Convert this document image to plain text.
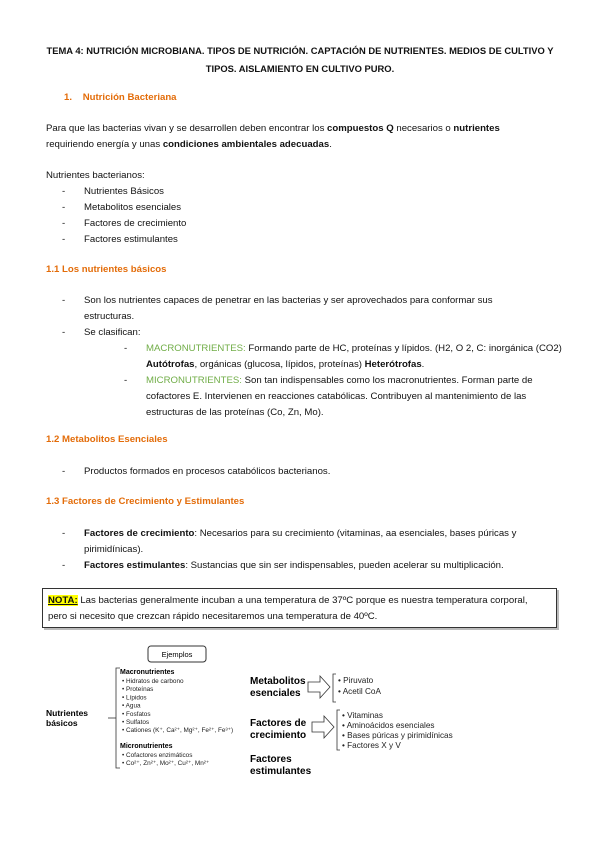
TEMA 4: NUTRICIÓN MICROBIANA. TIPOS DE NUTRICIÓN. CAPTACIÓN DE NUTRIENTES. MEDIOS DE CULTIVO Y TIPOS. AISLAMIENTO EN CULTIVO PURO.
1. Nutrición Bacteriana
Para que las bacterias vivan y se desarrollen deben encontrar los compuestos Q necesarios o nutrientes
requiriendo energía y unas condiciones ambientales adecuadas.
Nutrientes bacterianos:
- Nutrientes Básicos
- Metabolitos esenciales
- Factores de crecimiento
- Factores estimulantes
1.1 Los nutrientes básicos
- Son los nutrientes capaces de penetrar en las bacterias y ser aprovechados para conformar sus
estructuras.
- Se clasifican:
- MACRONUTRIENTES: Formando parte de HC, proteínas y lípidos. (H2, O 2, C: inorgánica (CO2)
Autótrofas, orgánicas (glucosa, lípidos, proteínas) Heterótrofas.
- MICRONUTRIENTES: Son tan indispensables como los macronutrientes. Forman parte de
cofactores E. Intervienen en reacciones catabólicas. Contribuyen al mantenimiento de las
estructuras de las proteínas (Co, Zn, Mo).
1.2 Metabolitos Esenciales
- Productos formados en procesos catabólicos bacterianos.
1.3 Factores de Crecimiento y Estimulantes
- Factores de crecimiento: Necesarios para su crecimiento (vitaminas, aa esenciales, bases púricas y
pirimidínicas).
- Factores estimulantes: Sustancias que sin ser indispensables, pueden acelerar su multiplicación.
NOTA: Las bacterias generalmente incuban a una temperatura de 37ºC porque es nuestra temperatura corporal,
pero si necesito que crezcan rápido necesitaremos una temperatura de 40ºC.
Ejemplos
Nutrientes
básicos
Macronutrientes
• Hidratos de carbono
• Proteínas
• Lípidos
• Agua
• Fosfatos
• Sulfatos
• Cationes (K⁺, Ca²⁺, Mg²⁺, Fe²⁺, Fe³⁺)
Micronutrientes
• Cofactores enzimáticos
• Co²⁺, Zn²⁺, Mo²⁺, Cu²⁺, Mn²⁺
Metabolitos
esenciales
• Piruvato
• Acetil CoA
Factores de
crecimiento
• Vitaminas
• Aminoácidos esenciales
• Bases púricas y pirimidínicas
• Factores X y V
Factores
estimulantes
